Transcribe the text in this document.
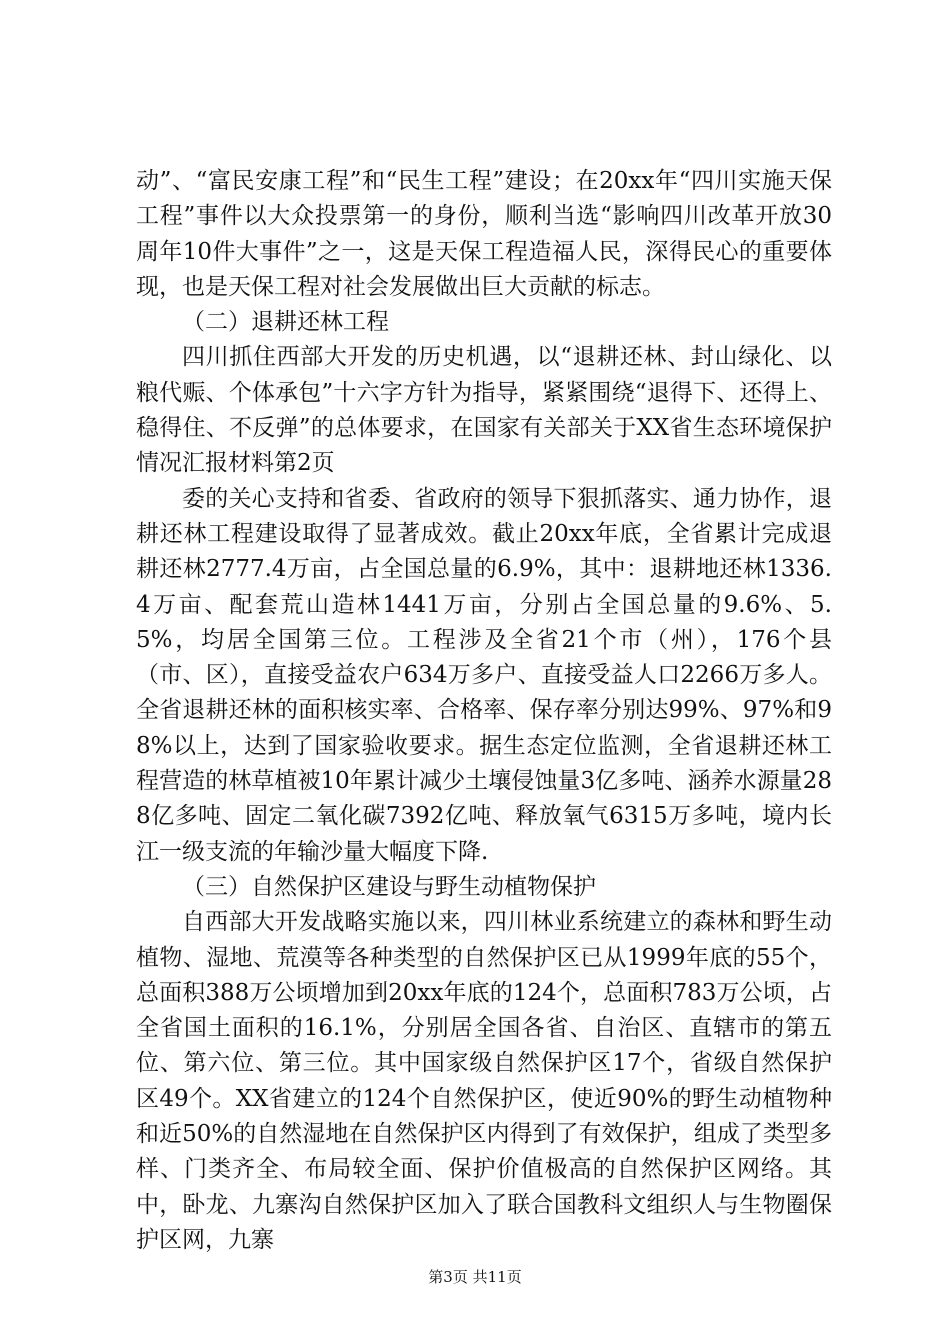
动”、“富民安康工程”和“民生工程”建设；在20xx年“四川实施天保工程”事件以大众投票第一的身份，顺利当选“影响四川改革开放30周年10件大事件”之一，这是天保工程造福人民，深得民心的重要体现，也是天保工程对社会发展做出巨大贡献的标志。

（二）退耕还林工程

四川抓住西部大开发的历史机遇，以“退耕还林、封山绿化、以粮代赈、个体承包”十六字方针为指导，紧紧围绕“退得下、还得上、稳得住、不反弹”的总体要求，在国家有关部关于XX省生态环境保护情况汇报材料第2页

委的关心支持和省委、省政府的领导下狠抓落实、通力协作，退耕还林工程建设取得了显著成效。截止20xx年底，全省累计完成退耕还林2777.4万亩，占全国总量的6.9%，其中：退耕地还林1336.4万亩、配套荒山造林1441万亩，分别占全国总量的9.6%、5.5%，均居全国第三位。工程涉及全省21个市（州），176个县（市、区），直接受益农户634万多户、直接受益人口2266万多人。全省退耕还林的面积核实率、合格率、保存率分别达99%、97%和98%以上，达到了国家验收要求。据生态定位监测，全省退耕还林工程营造的林草植被10年累计减少土壤侵蚀量3亿多吨、涵养水源量288亿多吨、固定二氧化碳7392亿吨、释放氧气6315万多吨，境内长江一级支流的年输沙量大幅度下降.

（三）自然保护区建设与野生动植物保护

自西部大开发战略实施以来，四川林业系统建立的森林和野生动植物、湿地、荒漠等各种类型的自然保护区已从1999年底的55个，总面积388万公顷增加到20xx年底的124个，总面积783万公顷，占全省国土面积的16.1%，分别居全国各省、自治区、直辖市的第五位、第六位、第三位。其中国家级自然保护区17个，省级自然保护区49个。XX省建立的124个自然保护区，使近90%的野生动植物种和近50%的自然湿地在自然保护区内得到了有效保护，组成了类型多样、门类齐全、布局较全面、保护价值极高的自然保护区网络。其中，卧龙、九寨沟自然保护区加入了联合国教科文组织人与生物圈保护区网，九寨

第3页 共11页
